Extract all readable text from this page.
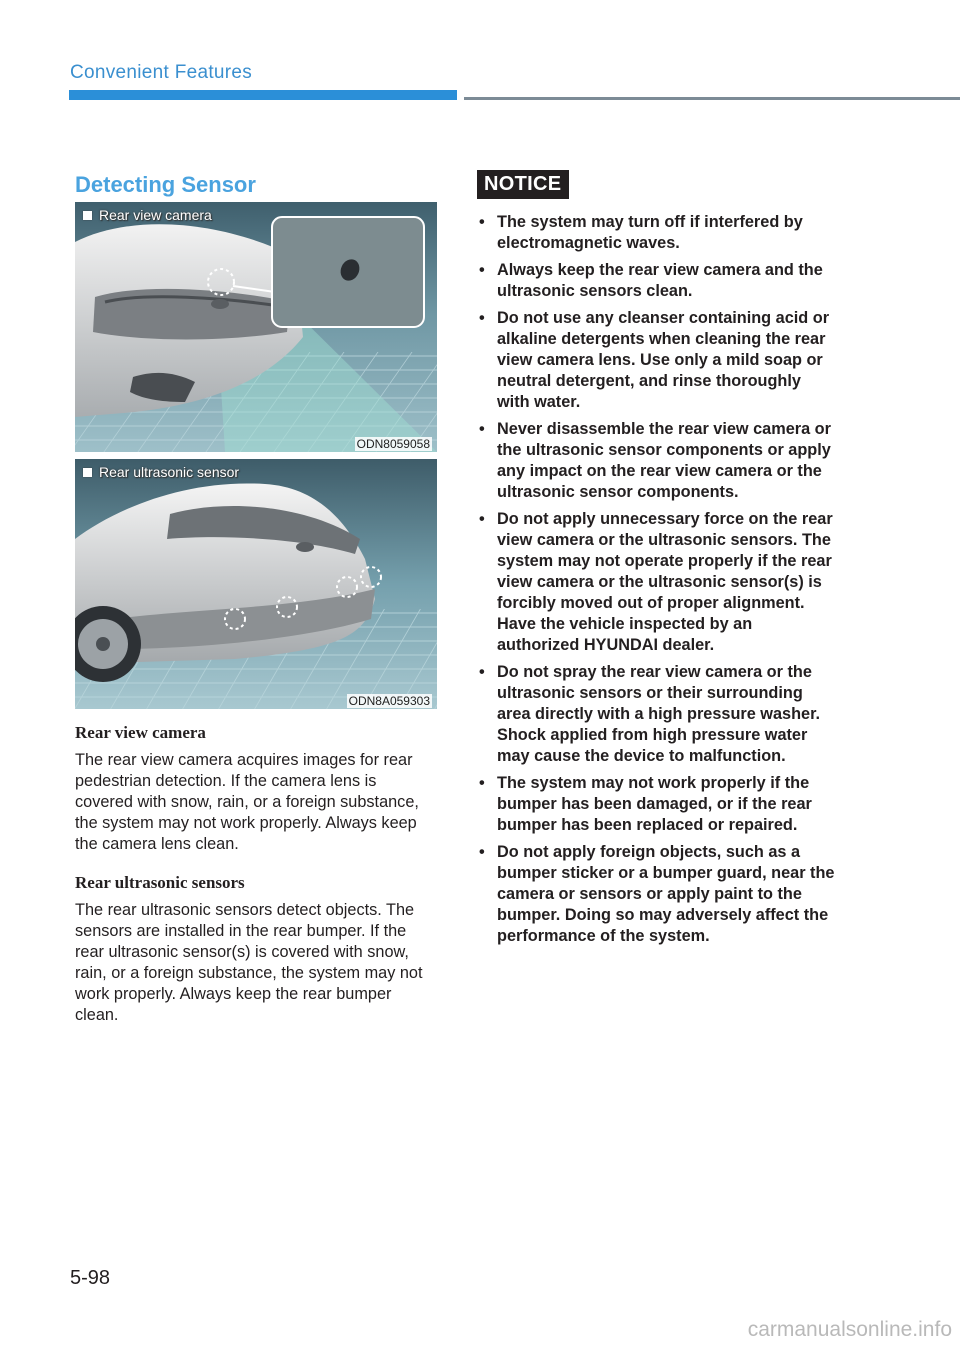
Convenient Features
Detecting Sensor
Rear view camera
ODN8059058
Rear ultrasonic sensor
ODN8A059303
Rear view camera

The rear view camera acquires images for rear pedestrian detection. If the camera lens is covered with snow, rain, or a foreign substance, the system may not work properly. Always keep the camera lens clean.

Rear ultrasonic sensors

The rear ultrasonic sensors detect objects. The sensors are installed in the rear bumper. If the rear ultrasonic sensor(s) is covered with snow, rain, or a foreign substance, the system may not work properly. Always keep the rear bumper clean.

NOTICE
• The system may turn off if interfered by electromagnetic waves.
• Always keep the rear view camera and the ultrasonic sensors clean.
• Do not use any cleanser containing acid or alkaline detergents when cleaning the rear view camera lens. Use only a mild soap or neutral detergent, and rinse thoroughly with water.
• Never disassemble the rear view camera or the ultrasonic sensor components or apply any impact on the rear view camera or the ultrasonic sensor components.
• Do not apply unnecessary force on the rear view camera or the ultrasonic sensors. The system may not operate properly if the rear view camera or the ultrasonic sensor(s) is forcibly moved out of proper alignment. Have the vehicle inspected by an authorized HYUNDAI dealer.
• Do not spray the rear view camera or the ultrasonic sensors or their surrounding area directly with a high pressure washer. Shock applied from high pressure water may cause the device to malfunction.
• The system may not work properly if the bumper has been damaged, or if the rear bumper has been replaced or repaired.
• Do not apply foreign objects, such as a bumper sticker or a bumper guard, near the camera or sensors or apply paint to the bumper. Doing so may adversely affect the performance of the system.
5-98
carmanualsonline.info
